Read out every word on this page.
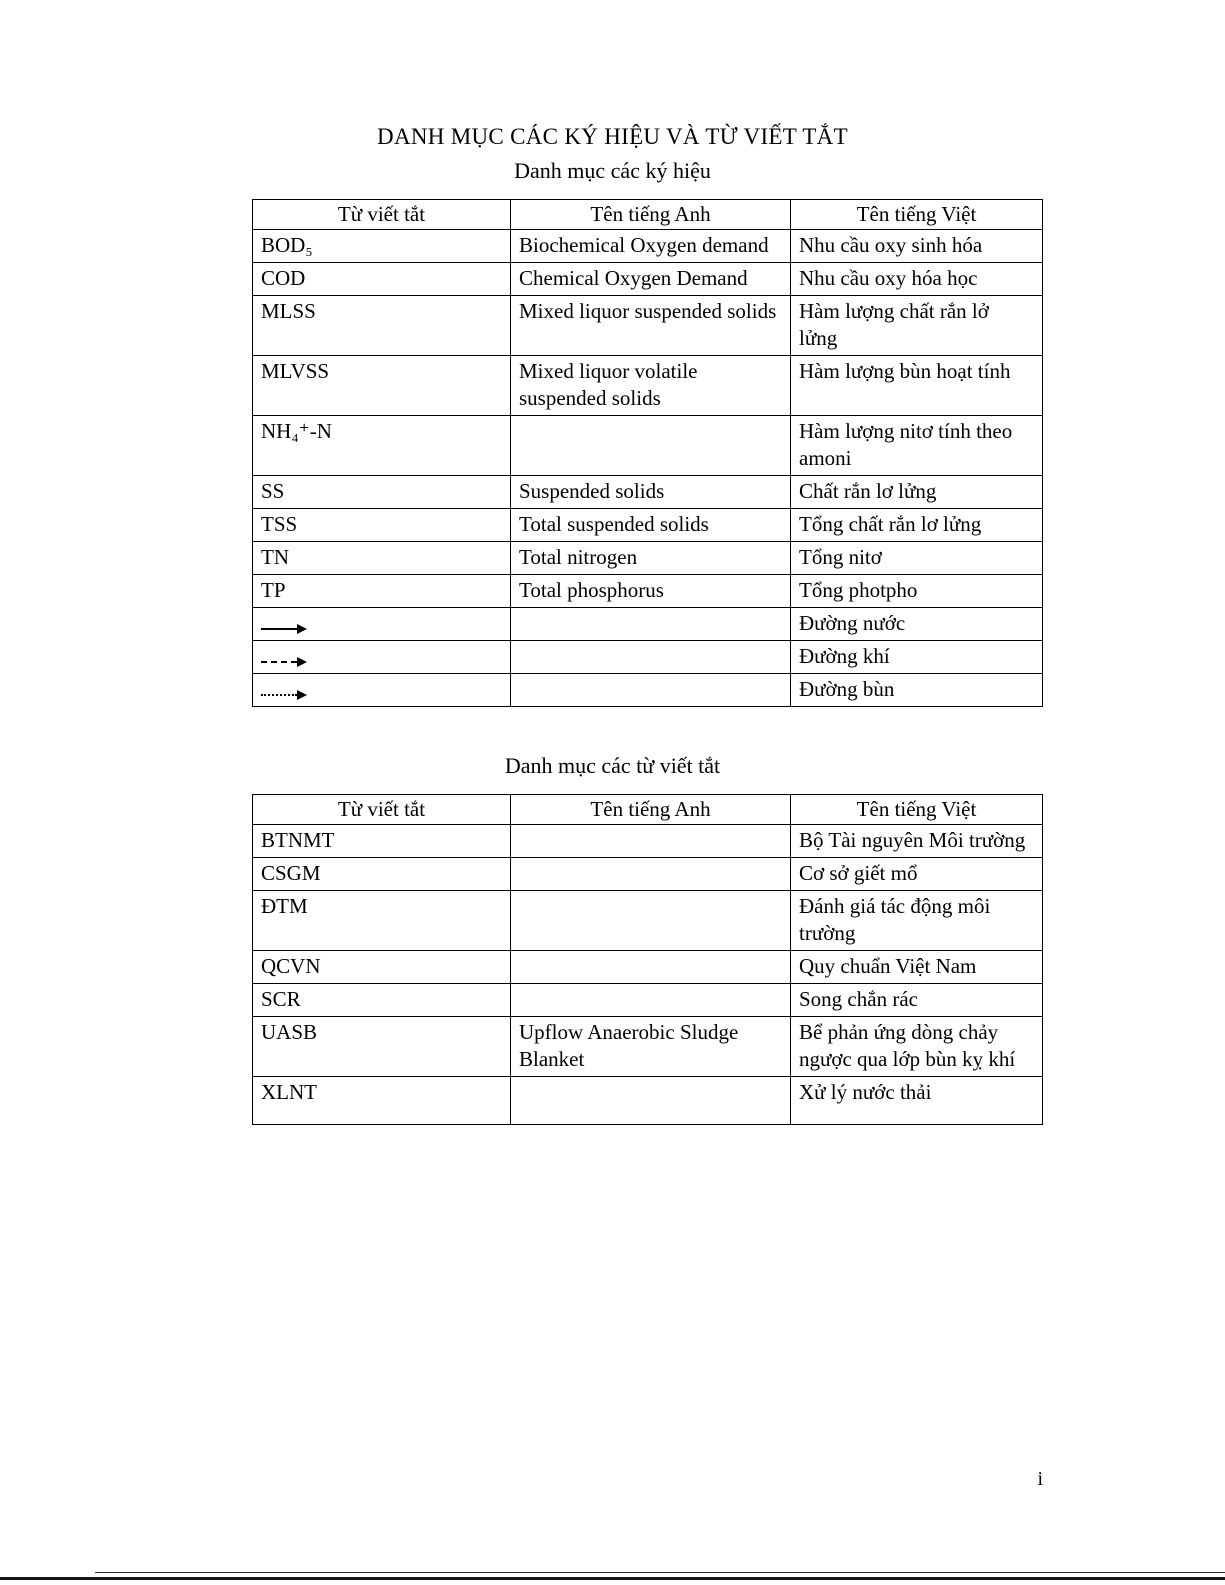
DANH MỤC CÁC KÝ HIỆU VÀ TỪ VIẾT TẮT
Danh mục các ký hiệu
Từ viết tắt	Tên tiếng Anh	Tên tiếng Việt
BOD₅	Biochemical Oxygen demand	Nhu cầu oxy sinh hóa
COD	Chemical Oxygen Demand	Nhu cầu oxy hóa học
MLSS	Mixed liquor suspended solids	Hàm lượng chất rắn lở lửng
MLVSS	Mixed liquor volatile suspended solids	Hàm lượng bùn hoạt tính
NH₄⁺-N		Hàm lượng nitơ tính theo amoni
SS	Suspended solids	Chất rắn lơ lửng
TSS	Total suspended solids	Tổng chất rắn lơ lửng
TN	Total nitrogen	Tổng nitơ
TP	Total phosphorus	Tổng photpho

		Đường nước

		Đường khí

		Đường bùn
Danh mục các từ viết tắt
Từ viết tắt	Tên tiếng Anh	Tên tiếng Việt
BTNMT		Bộ Tài nguyên Môi trường
CSGM		Cơ sở giết mổ
ĐTM		Đánh giá tác động môi trường
QCVN		Quy chuẩn Việt Nam
SCR		Song chắn rác
UASB	Upflow Anaerobic Sludge Blanket	Bể phản ứng dòng chảy ngược qua lớp bùn kỵ khí
XLNT		Xử lý nước thải
i
